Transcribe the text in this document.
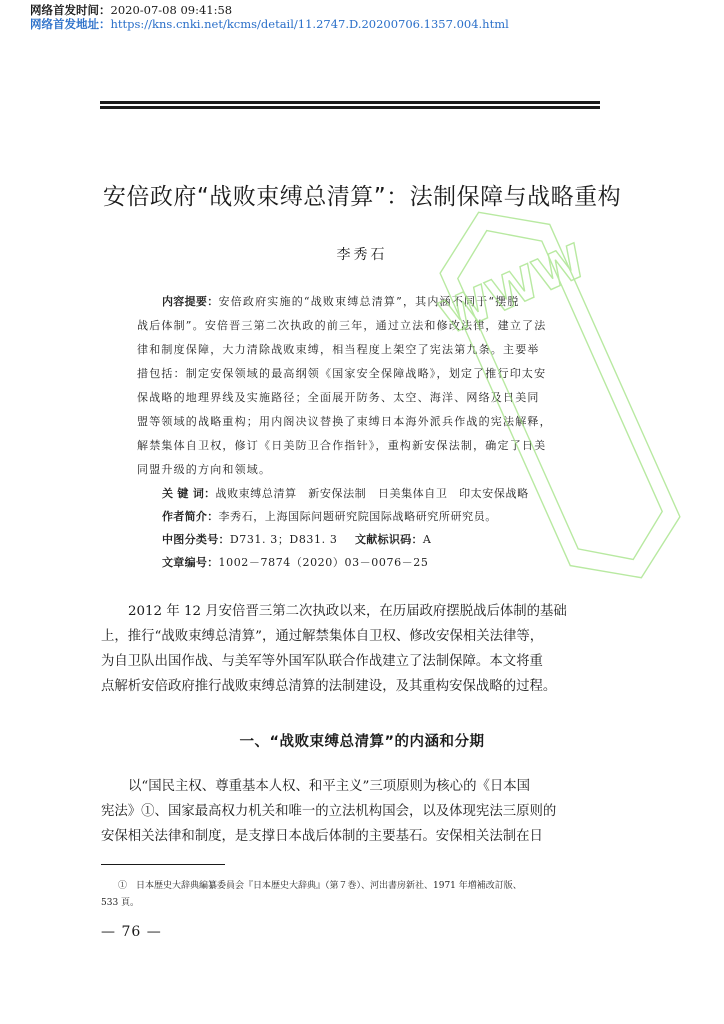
网络首发时间：2020-07-08 09:41:58
网络首发地址：https://kns.cnki.net/kcms/detail/11.2747.D.20200706.1357.004.html
安倍政府“战败束缚总清算”：法制保障与战略重构
李秀石
内容提要：安倍政府实施的“战败束缚总清算”，其内涵不同于“摆脱
战后体制”。安倍晋三第二次执政的前三年，通过立法和修改法律，建立了法
律和制度保障，大力清除战败束缚，相当程度上架空了宪法第九条。主要举
措包括：制定安保领域的最高纲领《国家安全保障战略》，划定了推行印太安
保战略的地理界线及实施路径；全面展开防务、太空、海洋、网络及日美同
盟等领域的战略重构；用内阁决议替换了束缚日本海外派兵作战的宪法解释，
解禁集体自卫权，修订《日美防卫合作指针》，重构新安保法制，确定了日美
同盟升级的方向和领域。
关 键 词：战败束缚总清算　新安保法制　日美集体自卫　印太安保战略
作者简介：李秀石，上海国际问题研究院国际战略研究所研究员。
中图分类号：D731. 3；D831. 3 文献标识码：A
文章编号：1002－7874（2020）03－0076－25
2012 年 12 月安倍晋三第二次执政以来，在历届政府摆脱战后体制的基础
上，推行“战败束缚总清算”，通过解禁集体自卫权、修改安保相关法律等，
为自卫队出国作战、与美军等外国军队联合作战建立了法制保障。本文将重
点解析安倍政府推行战败束缚总清算的法制建设，及其重构安保战略的过程。
一、“战败束缚总清算”的内涵和分期
以“国民主权、尊重基本人权、和平主义”三项原则为核心的《日本国
宪法》①、国家最高权力机关和唯一的立法机构国会，以及体现宪法三原则的
安保相关法律和制度，是支撑日本战后体制的主要基石。安保相关法制在日
①　日本歴史大辞典編纂委員会『日本歴史大辞典』（第７巻）、河出書房新社、1971 年増補改訂版、
533 頁。
— 76 —
WWW
